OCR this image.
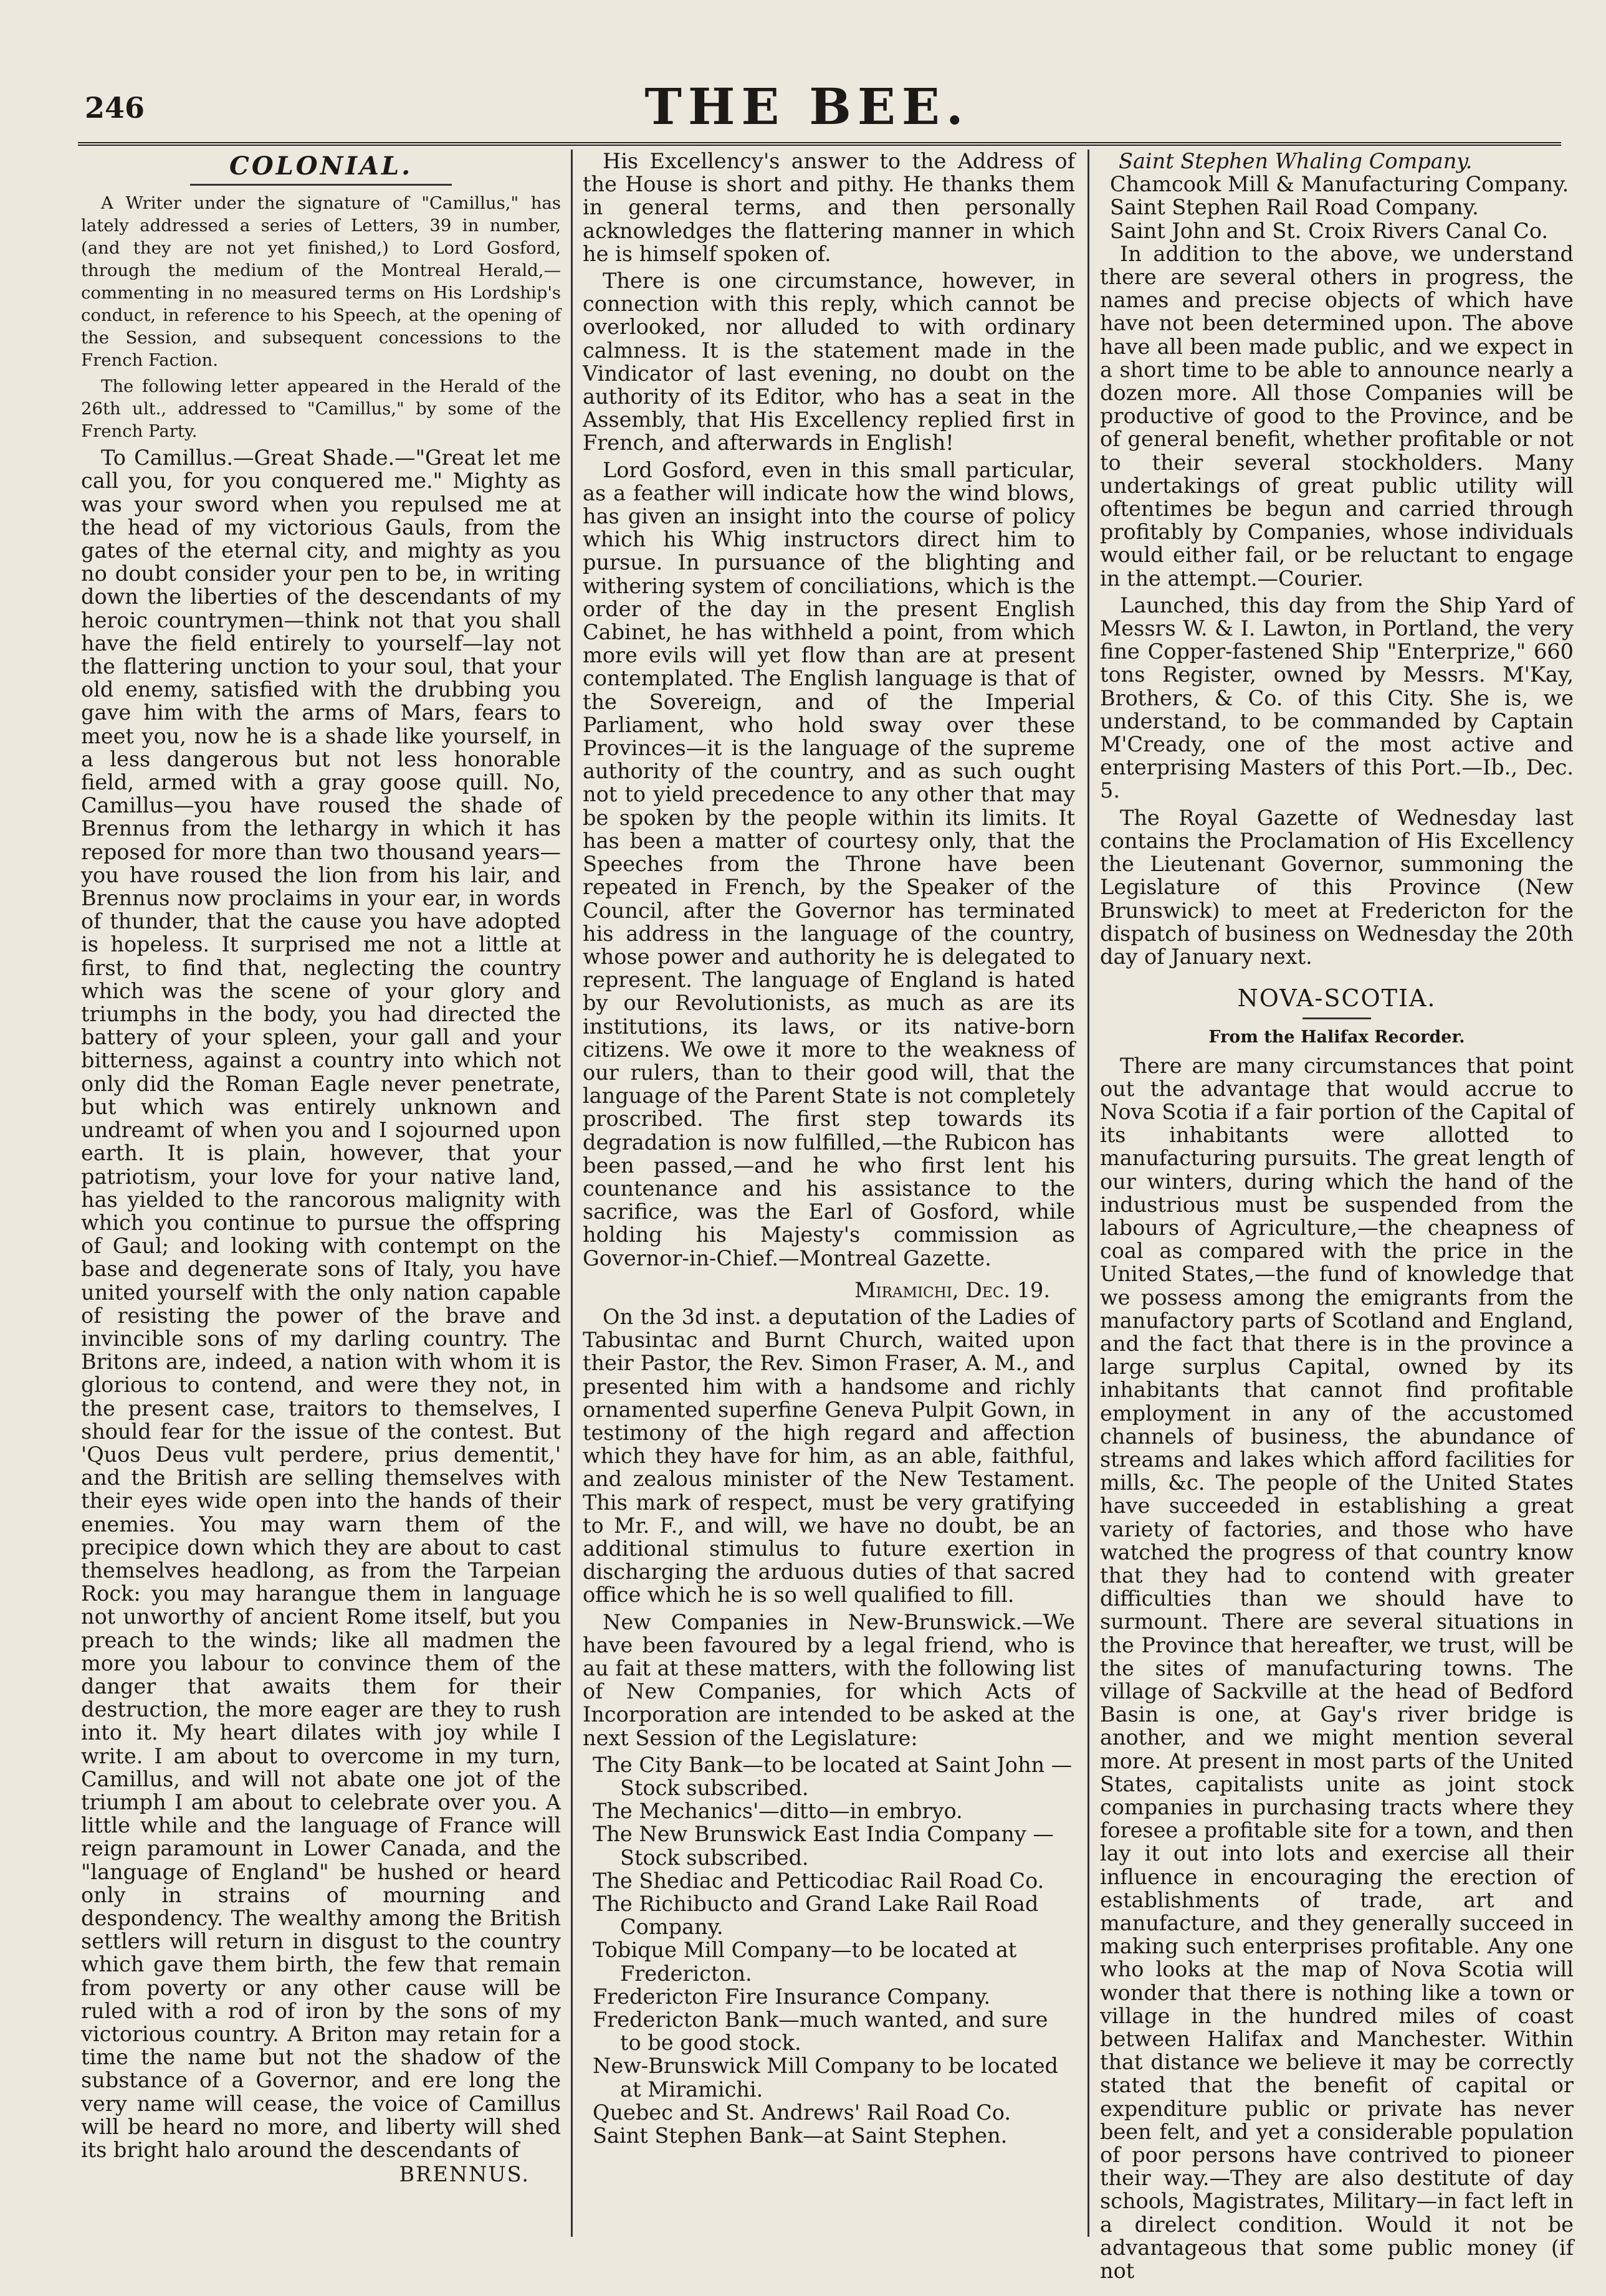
246	THE BEE.
COLONIAL.

A Writer under the signature of "Camillus," has lately addressed a series of Letters, 39 in number, (and they are not yet finished,) to Lord Gosford, through the medium of the Montreal Herald,—commenting in no measured terms on His Lordship's conduct, in reference to his Speech, at the opening of the Session, and subsequent concessions to the French Faction.

The following letter appeared in the Herald of the 26th ult., addressed to "Camillus," by some of the French Party.

To Camillus.—Great Shade.—"Great let me call you, for you conquered me." Mighty as was your sword when you repulsed me at the head of my victorious Gauls, from the gates of the eternal city, and mighty as you no doubt consider your pen to be, in writing down the liberties of the descendants of my heroic countrymen—think not that you shall have the field entirely to yourself—lay not the flattering unction to your soul, that your old enemy, satisfied with the drubbing you gave him with the arms of Mars, fears to meet you, now he is a shade like yourself, in a less dangerous but not less honorable field, armed with a gray goose quill. No, Camillus—you have roused the shade of Brennus from the lethargy in which it has reposed for more than two thousand years—you have roused the lion from his lair, and Brennus now proclaims in your ear, in words of thunder, that the cause you have adopted is hopeless. It surprised me not a little at first, to find that, neglecting the country which was the scene of your glory and triumphs in the body, you had directed the battery of your spleen, your gall and your bitterness, against a country into which not only did the Roman Eagle never penetrate, but which was entirely unknown and undreamt of when you and I sojourned upon earth. It is plain, however, that your patriotism, your love for your native land, has yielded to the rancorous malignity with which you continue to pursue the offspring of Gaul; and looking with contempt on the base and degenerate sons of Italy, you have united yourself with the only nation capable of resisting the power of the brave and invincible sons of my darling country. The Britons are, indeed, a nation with whom it is glorious to contend, and were they not, in the present case, traitors to themselves, I should fear for the issue of the contest. But 'Quos Deus vult perdere, prius dementit,' and the British are selling themselves with their eyes wide open into the hands of their enemies. You may warn them of the precipice down which they are about to cast themselves headlong, as from the Tarpeian Rock: you may harangue them in language not unworthy of ancient Rome itself, but you preach to the winds; like all madmen the more you labour to convince them of the danger that awaits them for their destruction, the more eager are they to rush into it. My heart dilates with joy while I write. I am about to overcome in my turn, Camillus, and will not abate one jot of the triumph I am about to celebrate over you. A little while and the language of France will reign paramount in Lower Canada, and the "language of England" be hushed or heard only in strains of mourning and despondency. The wealthy among the British settlers will return in disgust to the country which gave them birth, the few that remain from poverty or any other cause will be ruled with a rod of iron by the sons of my victorious country. A Briton may retain for a time the name but not the shadow of the substance of a Governor, and ere long the very name will cease, the voice of Camillus will be heard no more, and liberty will shed its bright halo around the descendants of

BRENNUS.

His Excellency's answer to the Address of the House is short and pithy. He thanks them in general terms, and then personally acknowledges the flattering manner in which he is himself spoken of.

There is one circumstance, however, in connection with this reply, which cannot be overlooked, nor alluded to with ordinary calmness. It is the statement made in the Vindicator of last evening, no doubt on the authority of its Editor, who has a seat in the Assembly, that His Excellency replied first in French, and afterwards in English!

Lord Gosford, even in this small particular, as a feather will indicate how the wind blows, has given an insight into the course of policy which his Whig instructors direct him to pursue. In pursuance of the blighting and withering system of conciliations, which is the order of the day in the present English Cabinet, he has withheld a point, from which more evils will yet flow than are at present contemplated. The English language is that of the Sovereign, and of the Imperial Parliament, who hold sway over these Provinces—it is the language of the supreme authority of the country, and as such ought not to yield precedence to any other that may be spoken by the people within its limits. It has been a matter of courtesy only, that the Speeches from the Throne have been repeated in French, by the Speaker of the Council, after the Governor has terminated his address in the language of the country, whose power and authority he is delegated to represent. The language of England is hated by our Revolutionists, as much as are its institutions, its laws, or its native-born citizens. We owe it more to the weakness of our rulers, than to their good will, that the language of the Parent State is not completely proscribed. The first step towards its degradation is now fulfilled,—the Rubicon has been passed,—and he who first lent his countenance and his assistance to the sacrifice, was the Earl of Gosford, while holding his Majesty's commission as Governor-in-Chief.—Montreal Gazette.

Miramichi, Dec. 19.

On the 3d inst. a deputation of the Ladies of Tabusintac and Burnt Church, waited upon their Pastor, the Rev. Simon Fraser, A. M., and presented him with a handsome and richly ornamented superfine Geneva Pulpit Gown, in testimony of the high regard and affection which they have for him, as an able, faithful, and zealous minister of the New Testament. This mark of respect, must be very gratifying to Mr. F., and will, we have no doubt, be an additional stimulus to future exertion in discharging the arduous duties of that sacred office which he is so well qualified to fill.

New Companies in New-Brunswick.—We have been favoured by a legal friend, who is au fait at these matters, with the following list of New Companies, for which Acts of Incorporation are intended to be asked at the next Session of the Legislature:

The City Bank—to be located at Saint John —Stock subscribed.
The Mechanics'—ditto—in embryo.
The New Brunswick East India Company —Stock subscribed.
The Shediac and Petticodiac Rail Road Co.
The Richibucto and Grand Lake Rail Road Company.
Tobique Mill Company—to be located at Fredericton.
Fredericton Fire Insurance Company.
Fredericton Bank—much wanted, and sure to be good stock.
New-Brunswick Mill Company to be located at Miramichi.
Quebec and St. Andrews' Rail Road Co.
Saint Stephen Bank—at Saint Stephen.
Saint Stephen Whaling Company.
Chamcook Mill & Manufacturing Company.
Saint Stephen Rail Road Company.
Saint John and St. Croix Rivers Canal Co.

In addition to the above, we understand there are several others in progress, the names and precise objects of which have have not been determined upon. The above have all been made public, and we expect in a short time to be able to announce nearly a dozen more. All those Companies will be productive of good to the Province, and be of general benefit, whether profitable or not to their several stockholders. Many undertakings of great public utility will oftentimes be begun and carried through profitably by Companies, whose individuals would either fail, or be reluctant to engage in the attempt.—Courier.

Launched, this day from the Ship Yard of Messrs W. & I. Lawton, in Portland, the very fine Copper-fastened Ship "Enterprize," 660 tons Register, owned by Messrs. M'Kay, Brothers, & Co. of this City. She is, we understand, to be commanded by Captain M'Cready, one of the most active and enterprising Masters of this Port.—Ib., Dec. 5.

The Royal Gazette of Wednesday last contains the Proclamation of His Excellency the Lieutenant Governor, summoning the Legislature of this Province (New Brunswick) to meet at Fredericton for the dispatch of business on Wednesday the 20th day of January next.

NOVA-SCOTIA.
From the Halifax Recorder.

There are many circumstances that point out the advantage that would accrue to Nova Scotia if a fair portion of the Capital of its inhabitants were allotted to manufacturing pursuits. The great length of our winters, during which the hand of the industrious must be suspended from the labours of Agriculture,—the cheapness of coal as compared with the price in the United States,—the fund of knowledge that we possess among the emigrants from the manufactory parts of Scotland and England, and the fact that there is in the province a large surplus Capital, owned by its inhabitants that cannot find profitable employment in any of the accustomed channels of business, the abundance of streams and lakes which afford facilities for mills, &c. The people of the United States have succeeded in establishing a great variety of factories, and those who have watched the progress of that country know that they had to contend with greater difficulties than we should have to surmount. There are several situations in the Province that hereafter, we trust, will be the sites of manufacturing towns. The village of Sackville at the head of Bedford Basin is one, at Gay's river bridge is another, and we might mention several more. At present in most parts of the United States, capitalists unite as joint stock companies in purchasing tracts where they foresee a profitable site for a town, and then lay it out into lots and exercise all their influence in encouraging the erection of establishments of trade, art and manufacture, and they generally succeed in making such enterprises profitable. Any one who looks at the map of Nova Scotia will wonder that there is nothing like a town or village in the hundred miles of coast between Halifax and Manchester. Within that distance we believe it may be correctly stated that the benefit of capital or expenditure public or private has never been felt, and yet a considerable population of poor persons have contrived to pioneer their way.—They are also destitute of day schools, Magistrates, Military—in fact left in a direlect condition. Would it not be advantageous that some public money (if not
